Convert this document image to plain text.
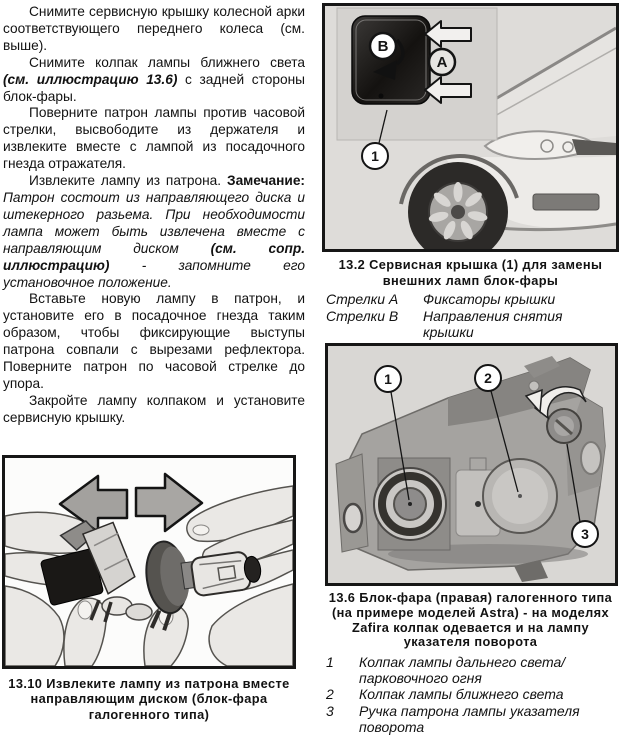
Снимите сервисную крышку колесной арки соответствующего переднего колеса (см. выше).

Снимите колпак лампы ближнего света (см. иллюстрацию 13.6) с задней стороны блок-фары.

Поверните патрон лампы против часовой стрелки, высвободите из держателя и извлеките вместе с лампой из посадочного гнезда отражателя.

Извлеките лампу из патрона. Замечание: Патрон состоит из направляющего диска и штекерного разьема. При необходимости лампа может быть извлечена вместе с направляющим диском (см. сопр. иллюстрацию) - запомните его установочное положение.

Вставьте новую лампу в патрон, и установите его в посадочное гнезда таким образом, чтобы фиксирующие выступы патрона совпали с вырезами рефлектора. Поверните патрон по часовой стрелке до упора.

Закройте лампу колпаком и установите сервисную крышку.

B
A
1
13.2 Сервисная крышка (1) для замены внешних ламп блок-фары
Стрелки А	Фиксаторы крышки
Стрелки В	Направления снятия крышки
1	2
3
13.6 Блок-фара (правая) галогенного типа (на примере моделей Astra) - на моделях Zafira колпак одевается и на лампу указателя поворота
1	Колпак лампы дальнего света/ парковочного огня
2	Колпак лампы ближнего света
3	Ручка патрона лампы указателя поворота
13.10 Извлеките лампу из патрона вместе направляющим диском (блок-фара галогенного типа)
